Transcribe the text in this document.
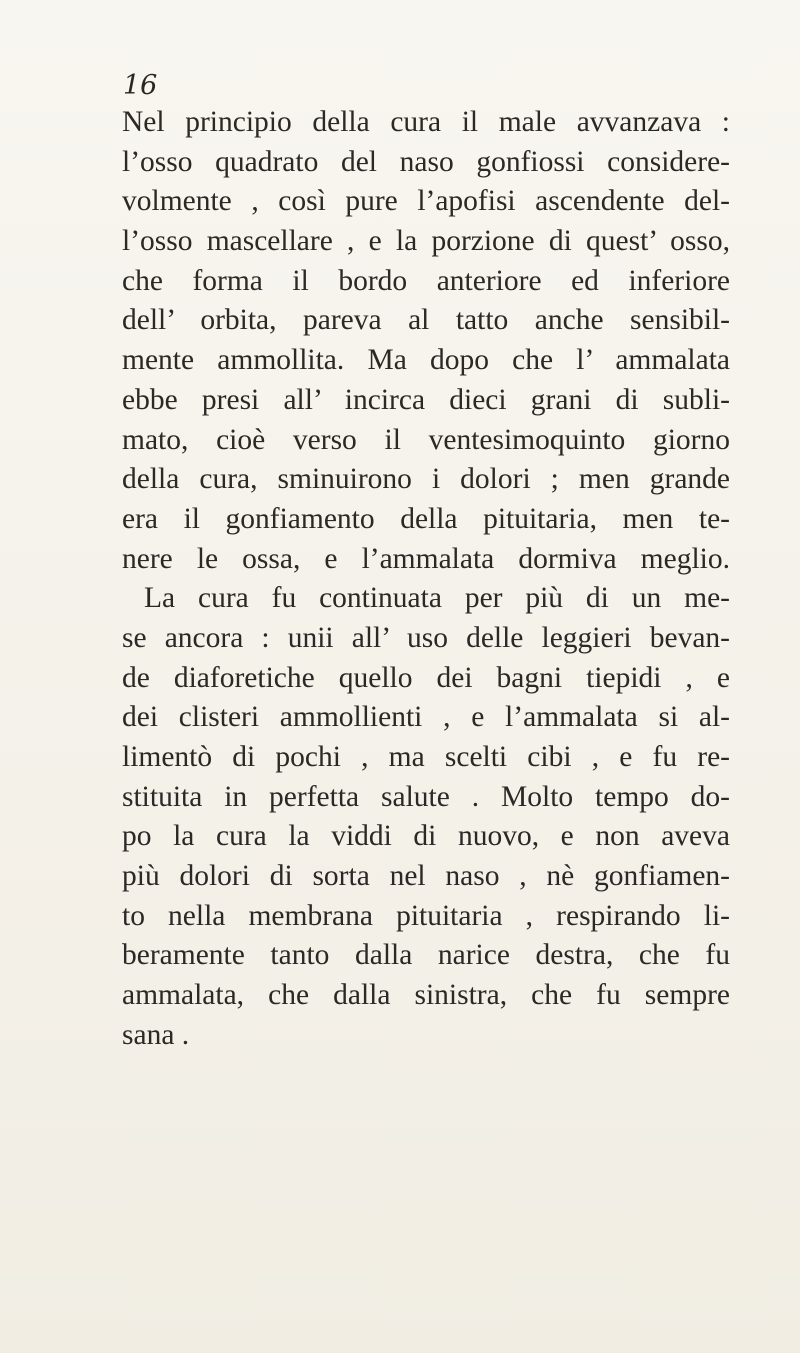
16

Nel principio della cura il male avvanzava :
l’osso quadrato del naso gonfiossi considere-
volmente , così pure l’apofisi ascendente del-
l’osso mascellare , e la porzione di quest’ osso,
che forma il bordo anteriore ed inferiore
dell’ orbita, pareva al tatto anche sensibil-
mente ammollita. Ma dopo che l’ ammalata
ebbe presi all’ incirca dieci grani di subli-
mato, cioè verso il ventesimoquinto giorno
della cura, sminuirono i dolori ; men grande
era il gonfiamento della pituitaria, men te-
nere le ossa, e l’ammalata dormiva meglio.
La cura fu continuata per più di un me-
se ancora : unii all’ uso delle leggieri bevan-
de diaforetiche quello dei bagni tiepidi , e
dei clisteri ammollienti , e l’ammalata si al-
limentò di pochi , ma scelti cibi , e fu re-
stituita in perfetta salute . Molto tempo do-
po la cura la viddi di nuovo, e non aveva
più dolori di sorta nel naso , nè gonfiamen-
to nella membrana pituitaria , respirando li-
beramente tanto dalla narice destra, che fu
ammalata, che dalla sinistra, che fu sempre
sana .
